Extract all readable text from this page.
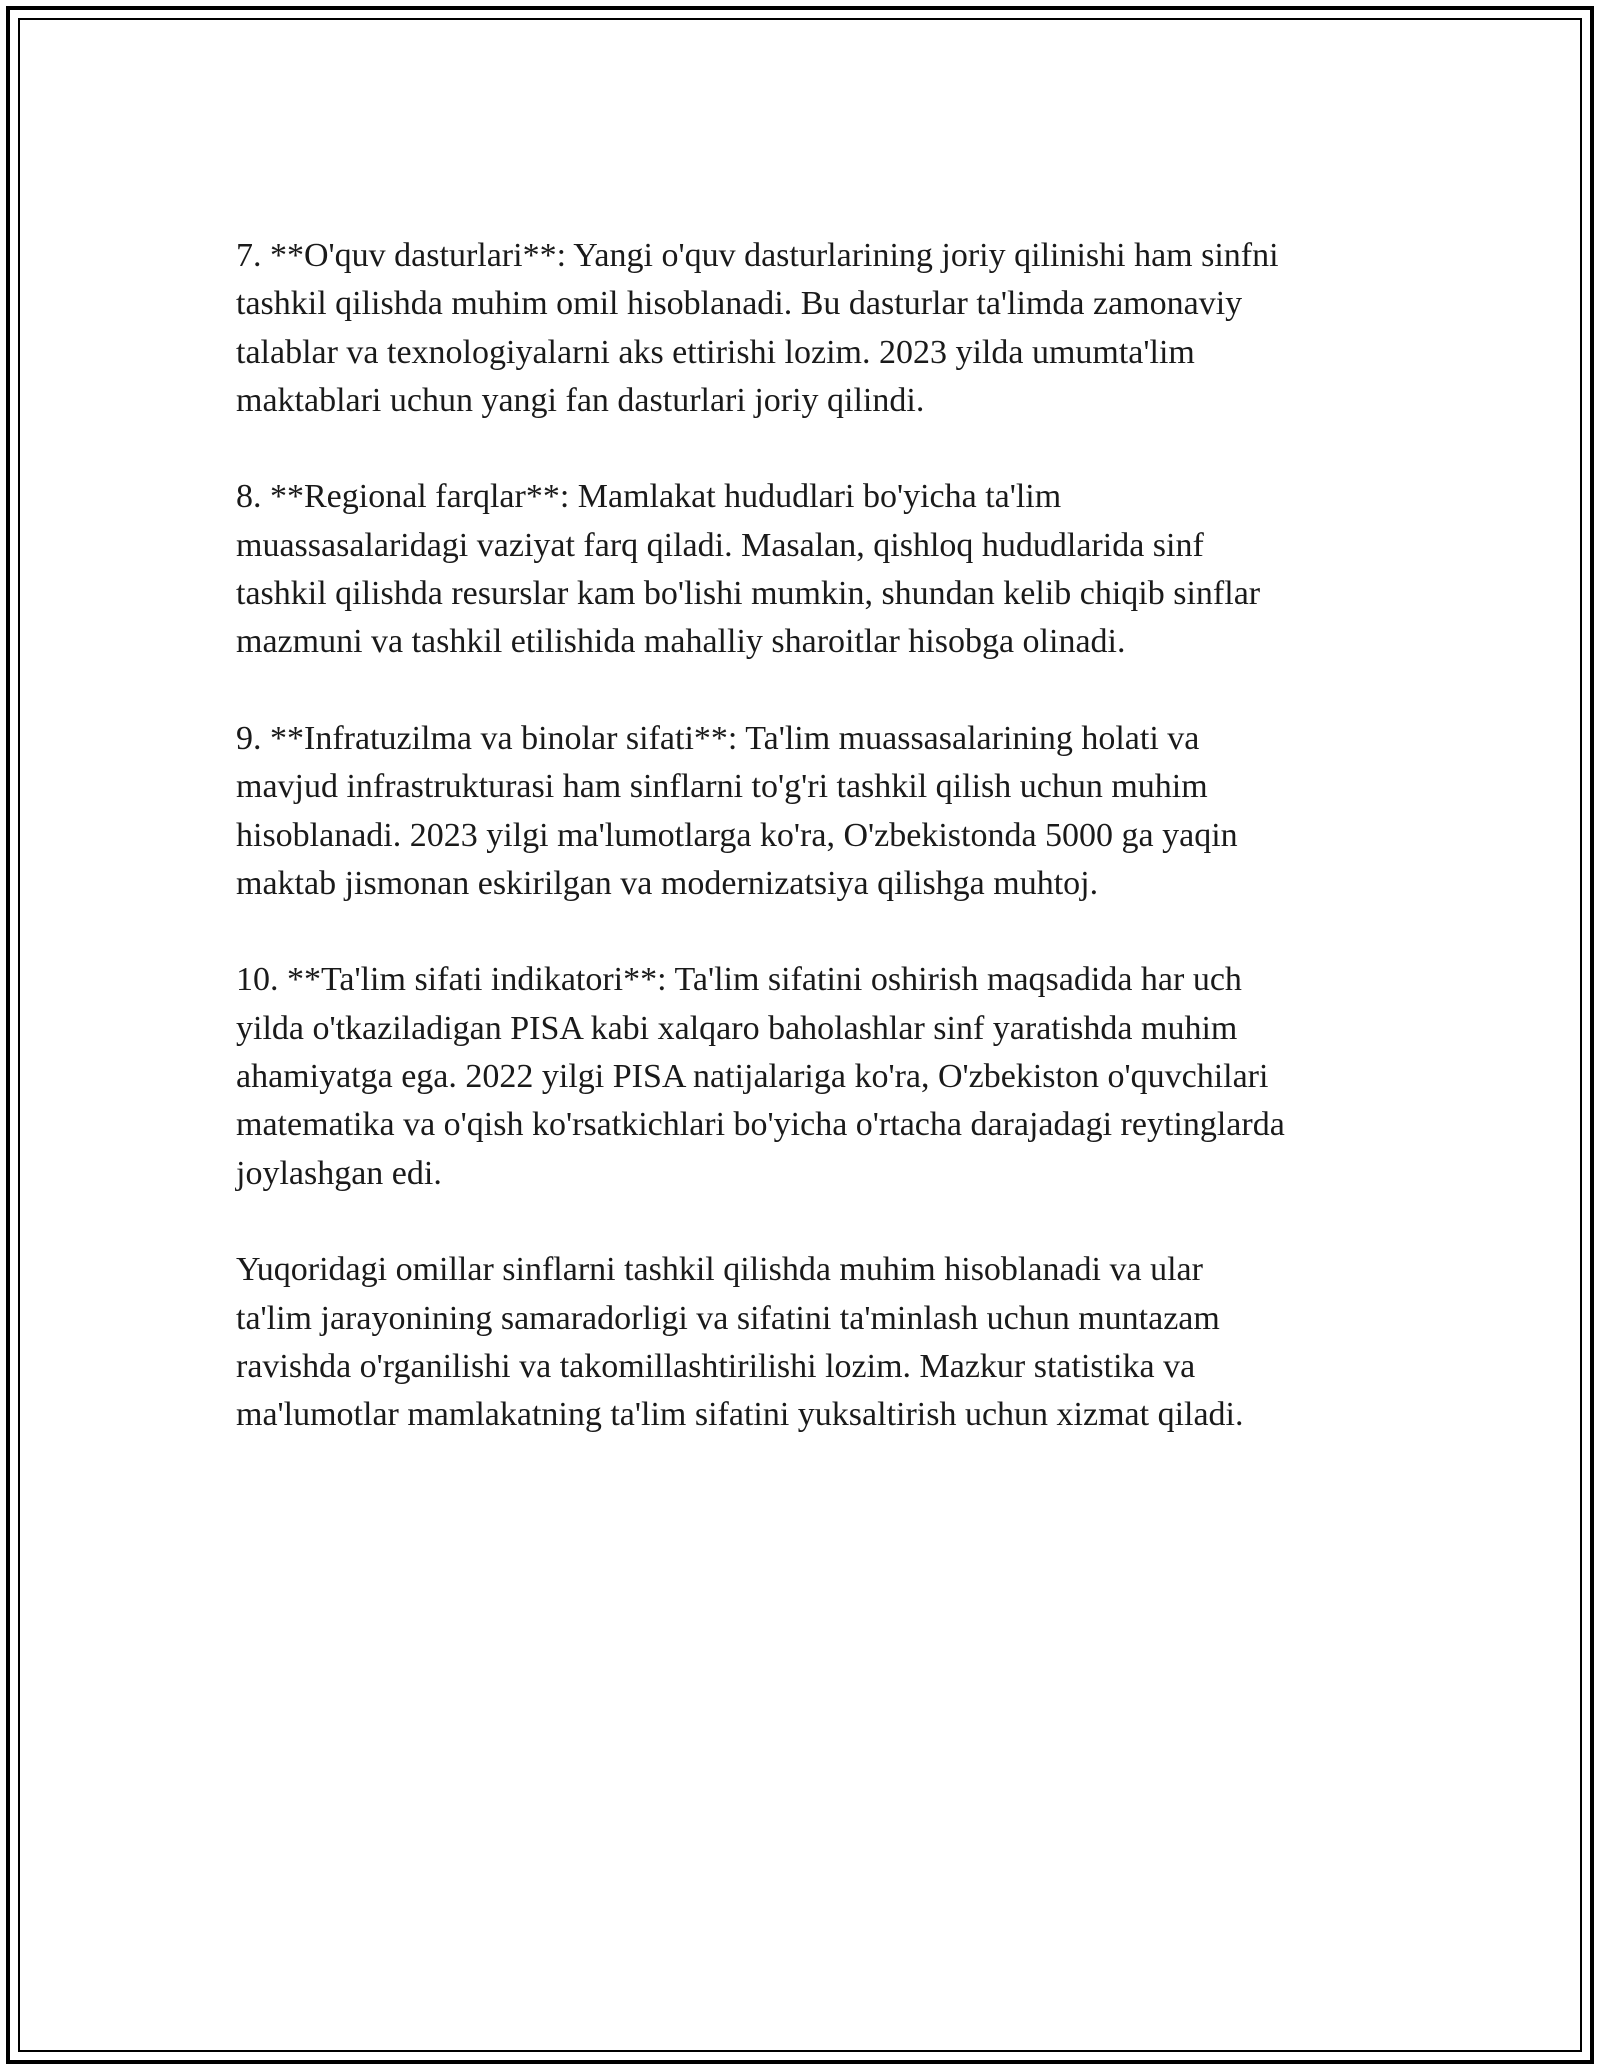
7. **O'quv dasturlari**: Yangi o'quv dasturlarining joriy qilinishi ham sinfni
tashkil qilishda muhim omil hisoblanadi. Bu dasturlar ta'limda zamonaviy
talablar va texnologiyalarni aks ettirishi lozim. 2023 yilda umumta'lim
maktablari uchun yangi fan dasturlari joriy qilindi.

8. **Regional farqlar**: Mamlakat hududlari bo'yicha ta'lim
muassasalaridagi vaziyat farq qiladi. Masalan, qishloq hududlarida sinf
tashkil qilishda resurslar kam bo'lishi mumkin, shundan kelib chiqib sinflar
mazmuni va tashkil etilishida mahalliy sharoitlar hisobga olinadi.

9. **Infratuzilma va binolar sifati**: Ta'lim muassasalarining holati va
mavjud infrastrukturasi ham sinflarni to'g'ri tashkil qilish uchun muhim
hisoblanadi. 2023 yilgi ma'lumotlarga ko'ra, O'zbekistonda 5000 ga yaqin
maktab jismonan eskirilgan va modernizatsiya qilishga muhtoj.

10. **Ta'lim sifati indikatori**: Ta'lim sifatini oshirish maqsadida har uch
yilda o'tkaziladigan PISA kabi xalqaro baholashlar sinf yaratishda muhim
ahamiyatga ega. 2022 yilgi PISA natijalariga ko'ra, O'zbekiston o'quvchilari
matematika va o'qish ko'rsatkichlari bo'yicha o'rtacha darajadagi reytinglarda
joylashgan edi.

Yuqoridagi omillar sinflarni tashkil qilishda muhim hisoblanadi va ular
ta'lim jarayonining samaradorligi va sifatini ta'minlash uchun muntazam
ravishda o'rganilishi va takomillashtirilishi lozim. Mazkur statistika va
ma'lumotlar mamlakatning ta'lim sifatini yuksaltirish uchun xizmat qiladi.
